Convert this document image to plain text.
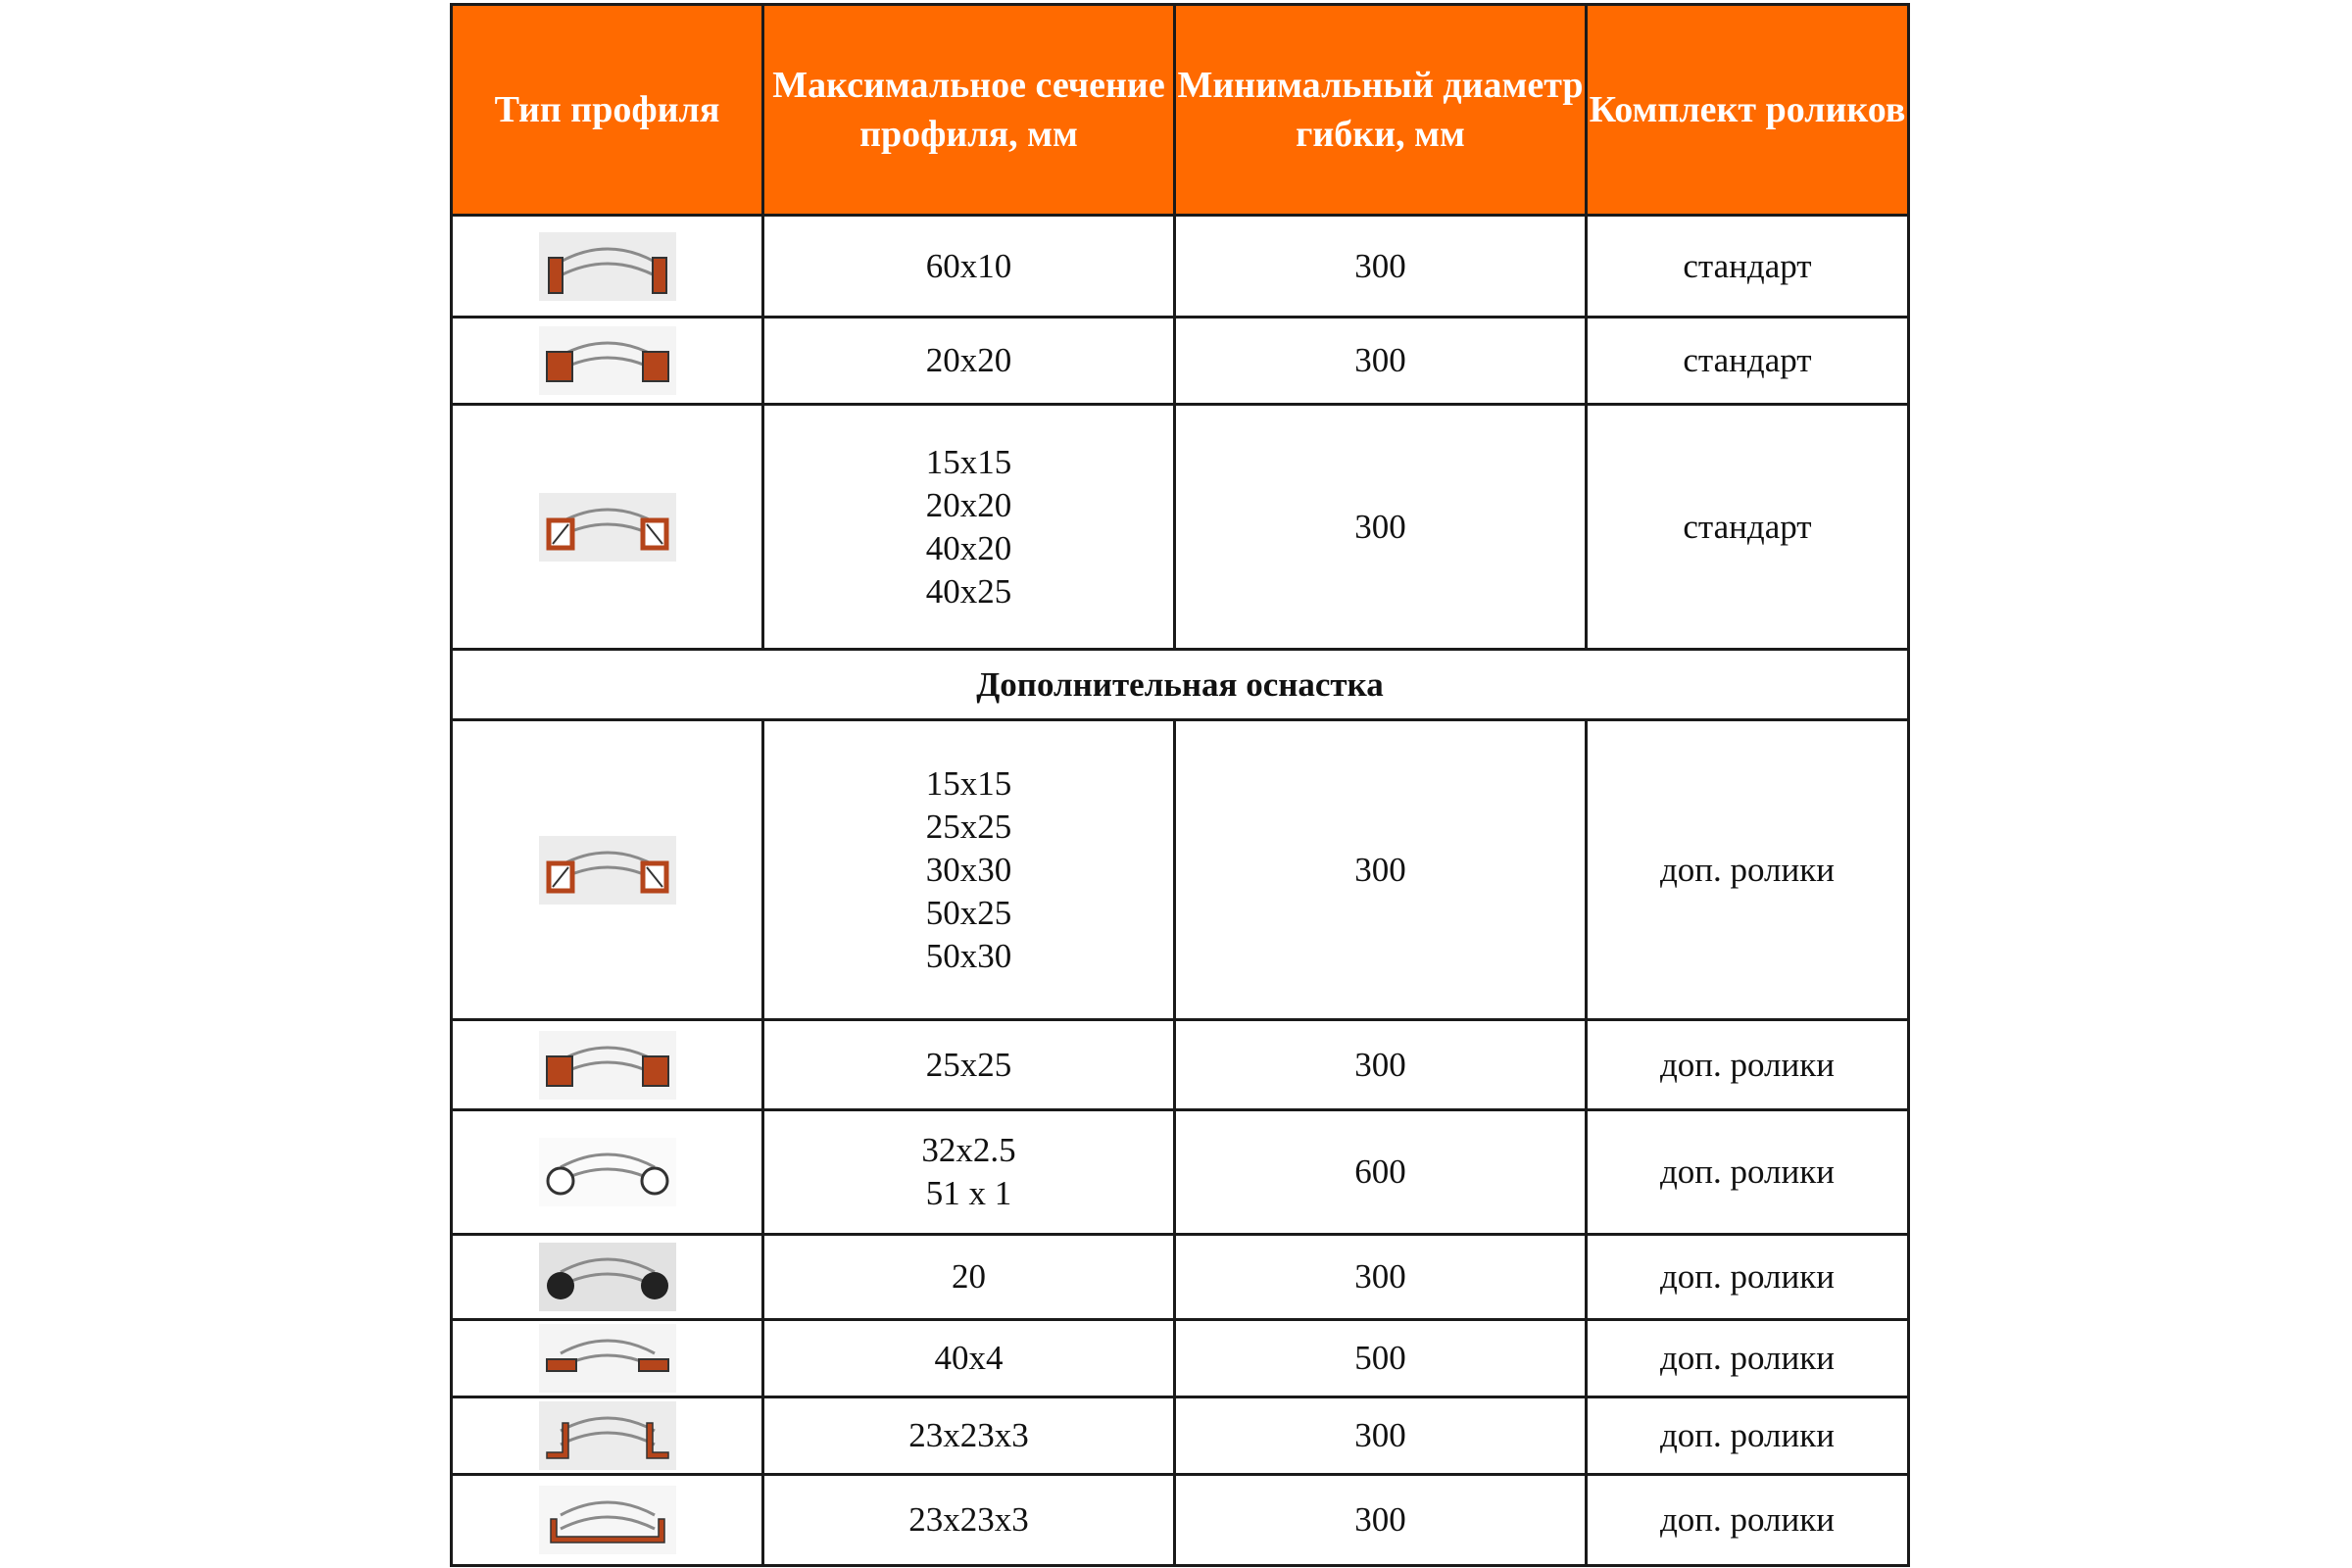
Тип профиля	Максимальное сечение профиля, мм	Минимальный диаметр гибки, мм	Комплект роликов

60x10	300	стандарт

20x20	300	стандарт

15x15
20x20
40x20
40x25	300	стандарт
Дополнительная оснастка			

15x15
25x25
30x30
50x25
50x30	300	доп. ролики

25x25	300	доп. ролики

32x2.5
51 x 1	600	доп. ролики

20	300	доп. ролики

40x4	500	доп. ролики

23x23x3	300	доп. ролики

23x23x3	300	доп. ролики
